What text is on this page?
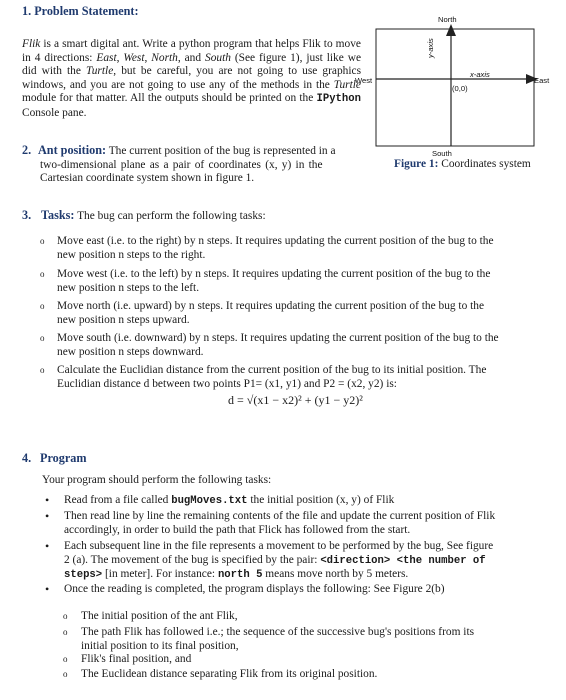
1. Problem Statement:
Flik is a smart digital ant. Write a python program that helps Flik to move in 4 directions: East, West, North, and South (See figure 1), just like we did with the Turtle, but be careful, you are not going to use graphics windows, and you are not going to use any of the methods in the Turtle module for that matter. All the outputs should be printed on the IPython Console pane.
North
West	East
x-axis
y-axis
(0,0)
South
Figure 1: Coordinates system
2. Ant position: The current position of the bug is represented in a
two-dimensional plane as a pair of coordinates (x, y) in the
Cartesian coordinate system shown in figure 1.
3. Tasks: The bug can perform the following tasks:
o Move east (i.e. to the right) by n steps. It requires updating the current position of the bug to the
new position n steps to the right.
o Move west (i.e. to the left) by n steps. It requires updating the current position of the bug to the
new position n steps to the left.
o Move north (i.e. upward) by n steps. It requires updating the current position of the bug to the
new position n steps upward.
o Move south (i.e. downward) by n steps. It requires updating the current position of the bug to the
new position n steps downward.
o Calculate the Euclidian distance from the current position of the bug to its initial position. The
Euclidian distance d between two points P1= (x1, y1) and P2 = (x2, y2) is:
d = √(x1 − x2)² + (y1 − y2)²
4. Program
Your program should perform the following tasks:
• Read from a file called bugMoves.txt the initial position (x, y) of Flik
• Then read line by line the remaining contents of the file and update the current position of Flik
accordingly, in order to build the path that Flick has followed from the start.
• Each subsequent line in the file represents a movement to be performed by the bug, See figure
2 (a). The movement of the bug is specified by the pair: <direction> <the number of
steps> [in meter]. For instance: north 5 means move north by 5 meters.
• Once the reading is completed, the program displays the following: See Figure 2(b)
o The initial position of the ant Flik,
o The path Flik has followed i.e.; the sequence of the successive bug's positions from its
initial position to its final position,
o Flik's final position, and
o The Euclidean distance separating Flik from its original position.
